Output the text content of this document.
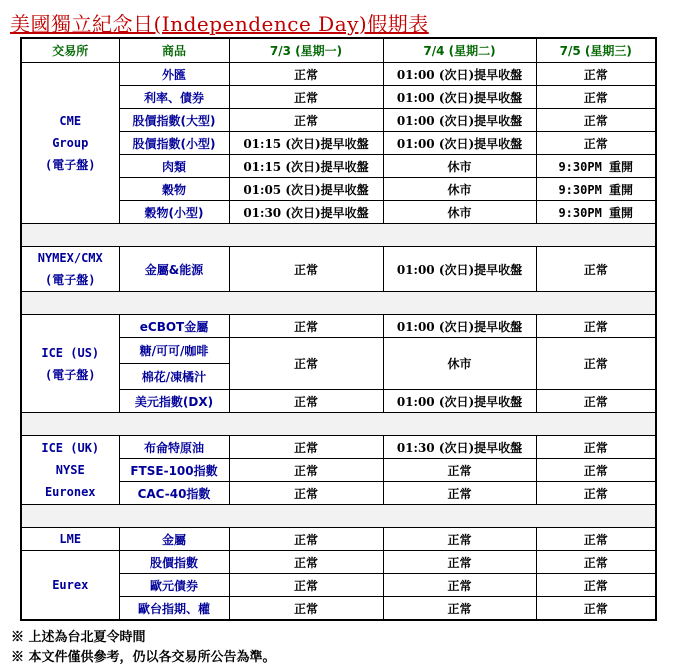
美國獨立紀念日(Independence Day)假期表
交易所	商品	7/3 (星期一)	7/4 (星期二)	7/5 (星期三)

CME
Group
(電子盤)	外匯	正常	01:00 (次日)提早收盤	正常
	利率、債券	正常	01:00 (次日)提早收盤	正常
	股價指數(大型)	正常	01:00 (次日)提早收盤	正常
	股價指數(小型)	01:15 (次日)提早收盤	01:00 (次日)提早收盤	正常
	肉類	01:15 (次日)提早收盤	休市	9:30PM 重開
	穀物	01:05 (次日)提早收盤	休市	9:30PM 重開
	穀物(小型)	01:30 (次日)提早收盤	休市	9:30PM 重開

NYMEX/CMX
(電子盤)	金屬&能源	正常	01:00 (次日)提早收盤	正常

ICE (US)
(電子盤)	eCBOT金屬	正常	01:00 (次日)提早收盤	正常
	糖/可可/咖啡	正常	休市	正常
	棉花/凍橘汁			
	美元指數(DX)	正常	01:00 (次日)提早收盤	正常

ICE (UK)
NYSE
Euronex	布侖特原油	正常	01:30 (次日)提早收盤	正常
	FTSE-100指數	正常	正常	正常
	CAC-40指數	正常	正常	正常

LME	金屬	正常	正常	正常

Eurex	股價指數	正常	正常	正常
	歐元債券	正常	正常	正常
	歐台指期、權	正常	正常	正常
※ 上述為台北夏令時間
※ 本文件僅供參考，仍以各交易所公告為準。
